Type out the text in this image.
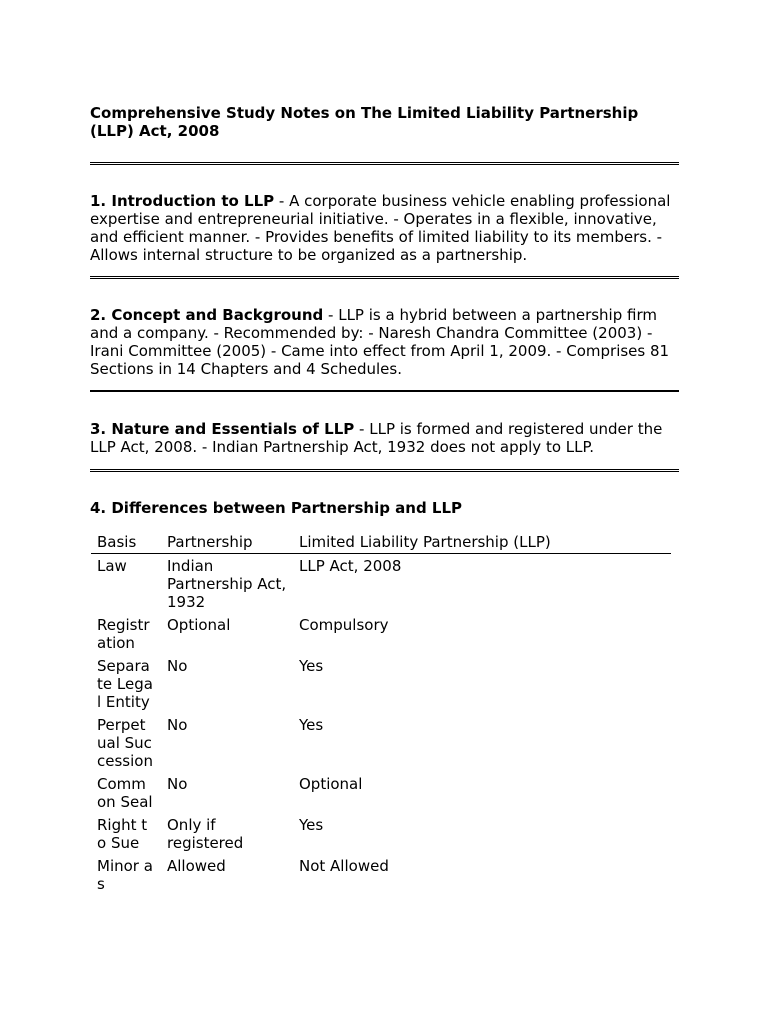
Comprehensive Study Notes on The Limited Liability Partnership (LLP) Act, 2008

1. Introduction to LLP - A corporate business vehicle enabling professional expertise and entrepreneurial initiative. - Operates in a flexible, innovative, and efficient manner. - Provides benefits of limited liability to its members. - Allows internal structure to be organized as a partnership.

2. Concept and Background - LLP is a hybrid between a partnership firm and a company. - Recommended by: - Naresh Chandra Committee (2003) - Irani Committee (2005) - Came into effect from April 1, 2009. - Comprises 81 Sections in 14 Chapters and 4 Schedules.

3. Nature and Essentials of LLP - LLP is formed and registered under the LLP Act, 2008. - Indian Partnership Act, 1932 does not apply to LLP.

4. Differences between Partnership and LLP

Basis	Partnership	Limited Liability Partnership (LLP)
Law	Indian Partnership Act, 1932	LLP Act, 2008
Registration	Optional	Compulsory
Separate Legal Entity	No	Yes
Perpetual Succession	No	Yes
Common Seal	No	Optional
Right to Sue	Only if registered	Yes
Minor as	Allowed	Not Allowed
